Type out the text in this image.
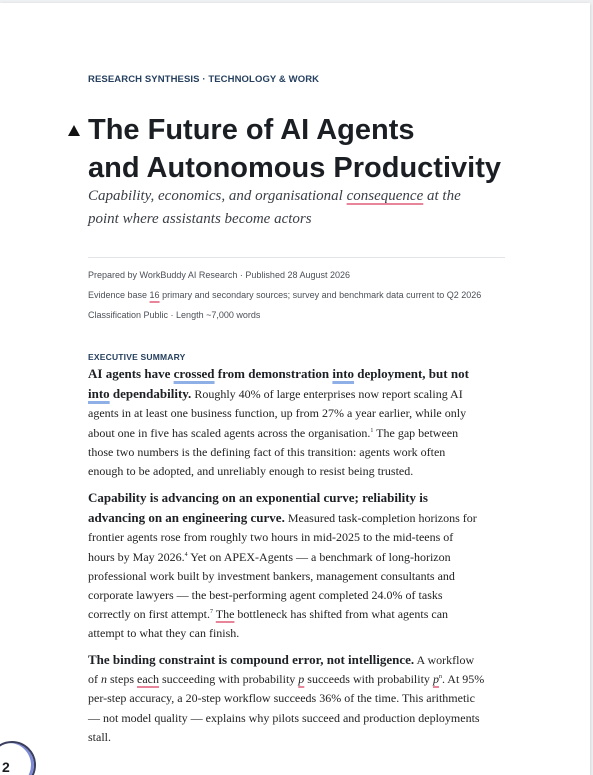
RESEARCH SYNTHESIS · TECHNOLOGY & WORK
The Future of AI Agents
and Autonomous Productivity

Capability, economics, and organisational consequence at the
point where assistants become actors

Prepared by WorkBuddy AI Research · Published 28 August 2026
Evidence base 16 primary and secondary sources; survey and benchmark data current to Q2 2026
Classification Public · Length ~7,000 words
EXECUTIVE SUMMARY

AI agents have crossed from demonstration into deployment, but not
into dependability. Roughly 40% of large enterprises now report scaling AI
agents in at least one business function, up from 27% a year earlier, while only
about one in five has scaled agents across the organisation.$^1$ The gap between
those two numbers is the defining fact of this transition: agents work often
enough to be adopted, and unreliably enough to resist being trusted.

Capability is advancing on an exponential curve; reliability is
advancing on an engineering curve. Measured task-completion horizons for
frontier agents rose from roughly two hours in mid-2025 to the mid-teens of
hours by May 2026.$^4$ Yet on APEX-Agents — a benchmark of long-horizon
professional work built by investment bankers, management consultants and
corporate lawyers — the best-performing agent completed 24.0% of tasks
correctly on first attempt.$^7$ The bottleneck has shifted from what agents can
attempt to what they can finish.

The binding constraint is compound error, not intelligence. A workflow
of n steps each succeeding with probability p succeeds with probability $p^n$. At 95%
per-step accuracy, a 20-step workflow succeeds 36% of the time. This arithmetic
— not model quality — explains why pilots succeed and production deployments
stall.

2
